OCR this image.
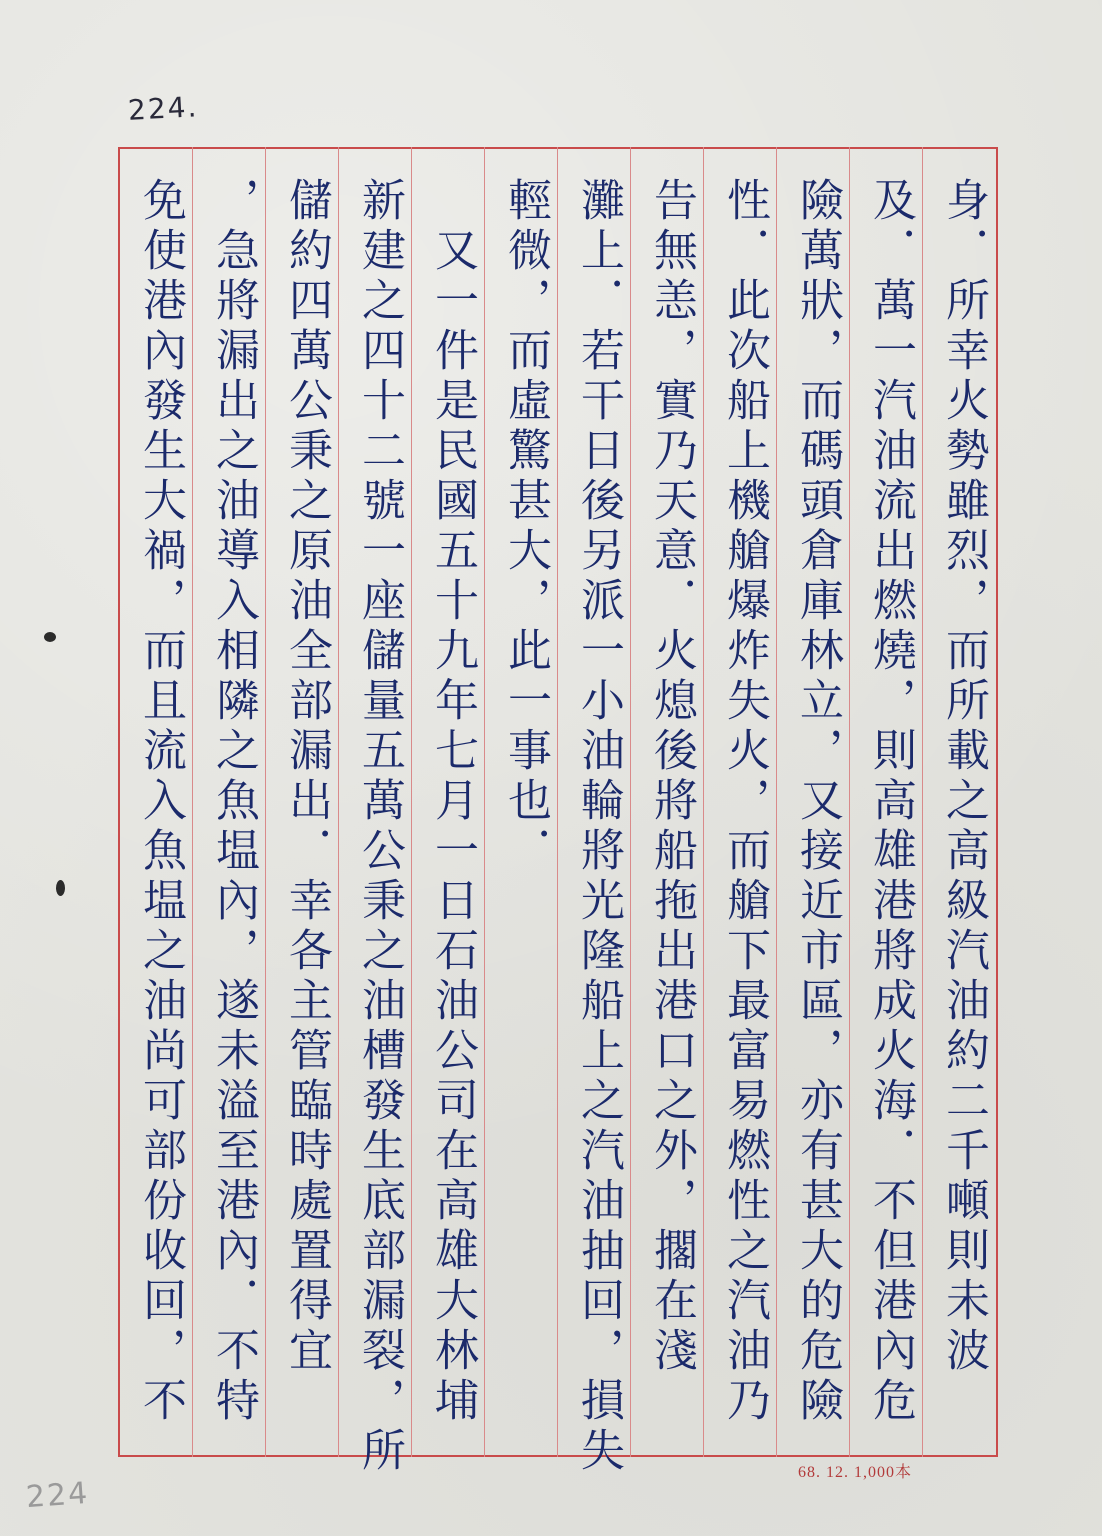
224.
身．所幸火勢雖烈，而所載之高級汽油約二千噸則未波
及．萬一汽油流出燃燒，則高雄港將成火海．不但港內危
險萬狀，而碼頭倉庫林立，又接近市區，亦有甚大的危險
性．此次船上機艙爆炸失火，而艙下最富易燃性之汽油乃
告無恙，實乃天意．火熄後將船拖出港口之外，擱在淺
灘上．若干日後另派一小油輪將光隆船上之汽油抽回，損失
輕微，而虛驚甚大，此一事也．
　又一件是民國五十九年七月一日石油公司在高雄大林埔
新建之四十二號一座儲量五萬公秉之油槽發生底部漏裂，所
儲約四萬公秉之原油全部漏出．幸各主管臨時處置得宜
，急將漏出之油導入相隣之魚塭內，遂未溢至港內．不特
免使港內發生大禍，而且流入魚塭之油尚可部份收回，不
68. 12. 1,000本
224
